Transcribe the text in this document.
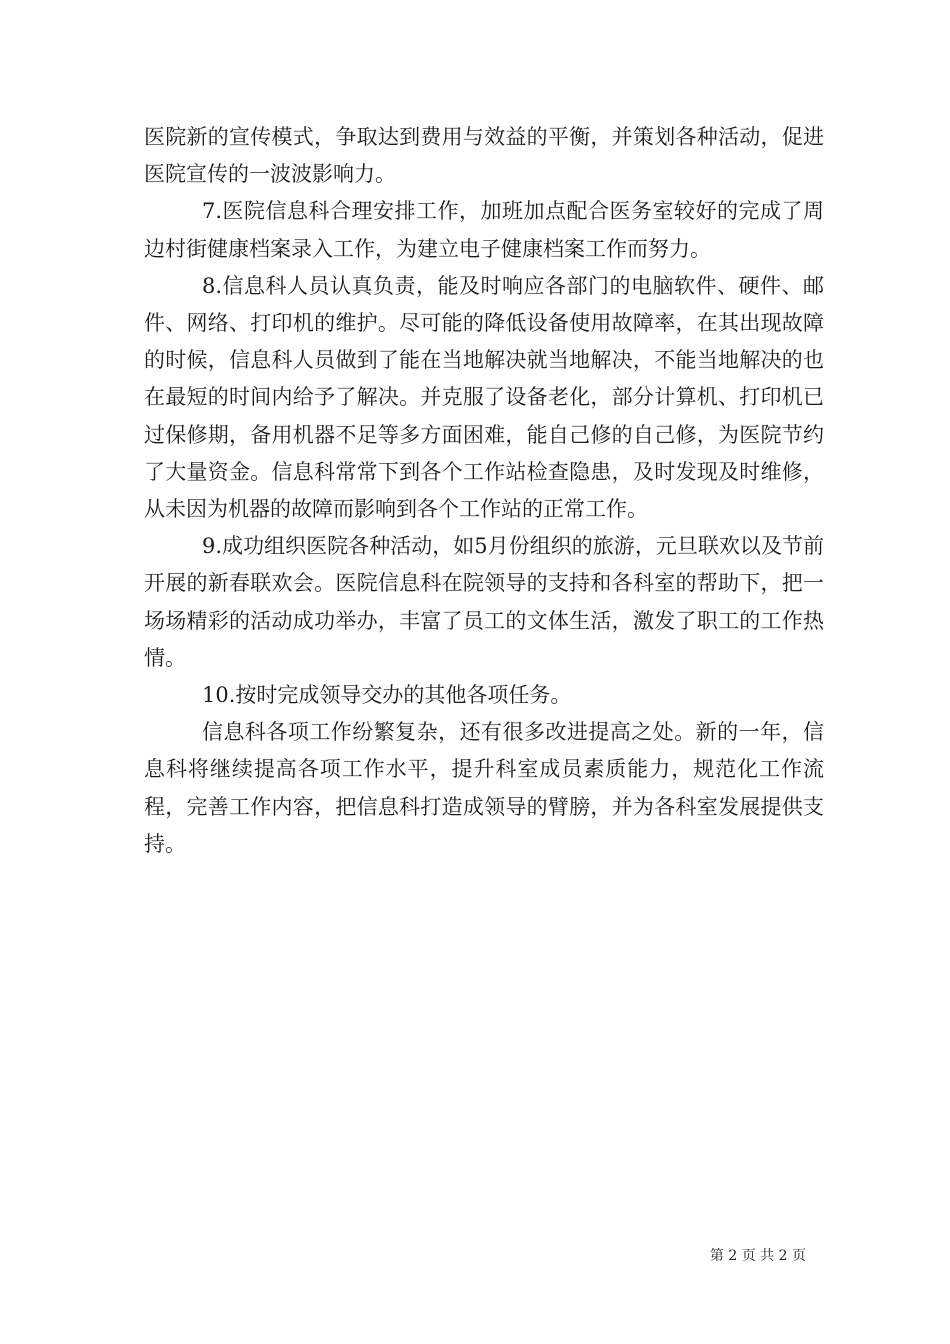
医院新的宣传模式，争取达到费用与效益的平衡，并策划各种活动，促进医院宣传的一波波影响力。

7.医院信息科合理安排工作，加班加点配合医务室较好的完成了周边村街健康档案录入工作，为建立电子健康档案工作而努力。

8.信息科人员认真负责，能及时响应各部门的电脑软件、硬件、邮件、网络、打印机的维护。尽可能的降低设备使用故障率，在其出现故障的时候，信息科人员做到了能在当地解决就当地解决，不能当地解决的也在最短的时间内给予了解决。并克服了设备老化，部分计算机、打印机已过保修期，备用机器不足等多方面困难，能自己修的自己修，为医院节约了大量资金。信息科常常下到各个工作站检查隐患，及时发现及时维修，从未因为机器的故障而影响到各个工作站的正常工作。

9.成功组织医院各种活动，如5月份组织的旅游，元旦联欢以及节前开展的新春联欢会。医院信息科在院领导的支持和各科室的帮助下，把一场场精彩的活动成功举办，丰富了员工的文体生活，激发了职工的工作热情。

10.按时完成领导交办的其他各项任务。

信息科各项工作纷繁复杂，还有很多改进提高之处。新的一年，信息科将继续提高各项工作水平，提升科室成员素质能力，规范化工作流程，完善工作内容，把信息科打造成领导的臂膀，并为各科室发展提供支持。

第 2 页 共 2 页
